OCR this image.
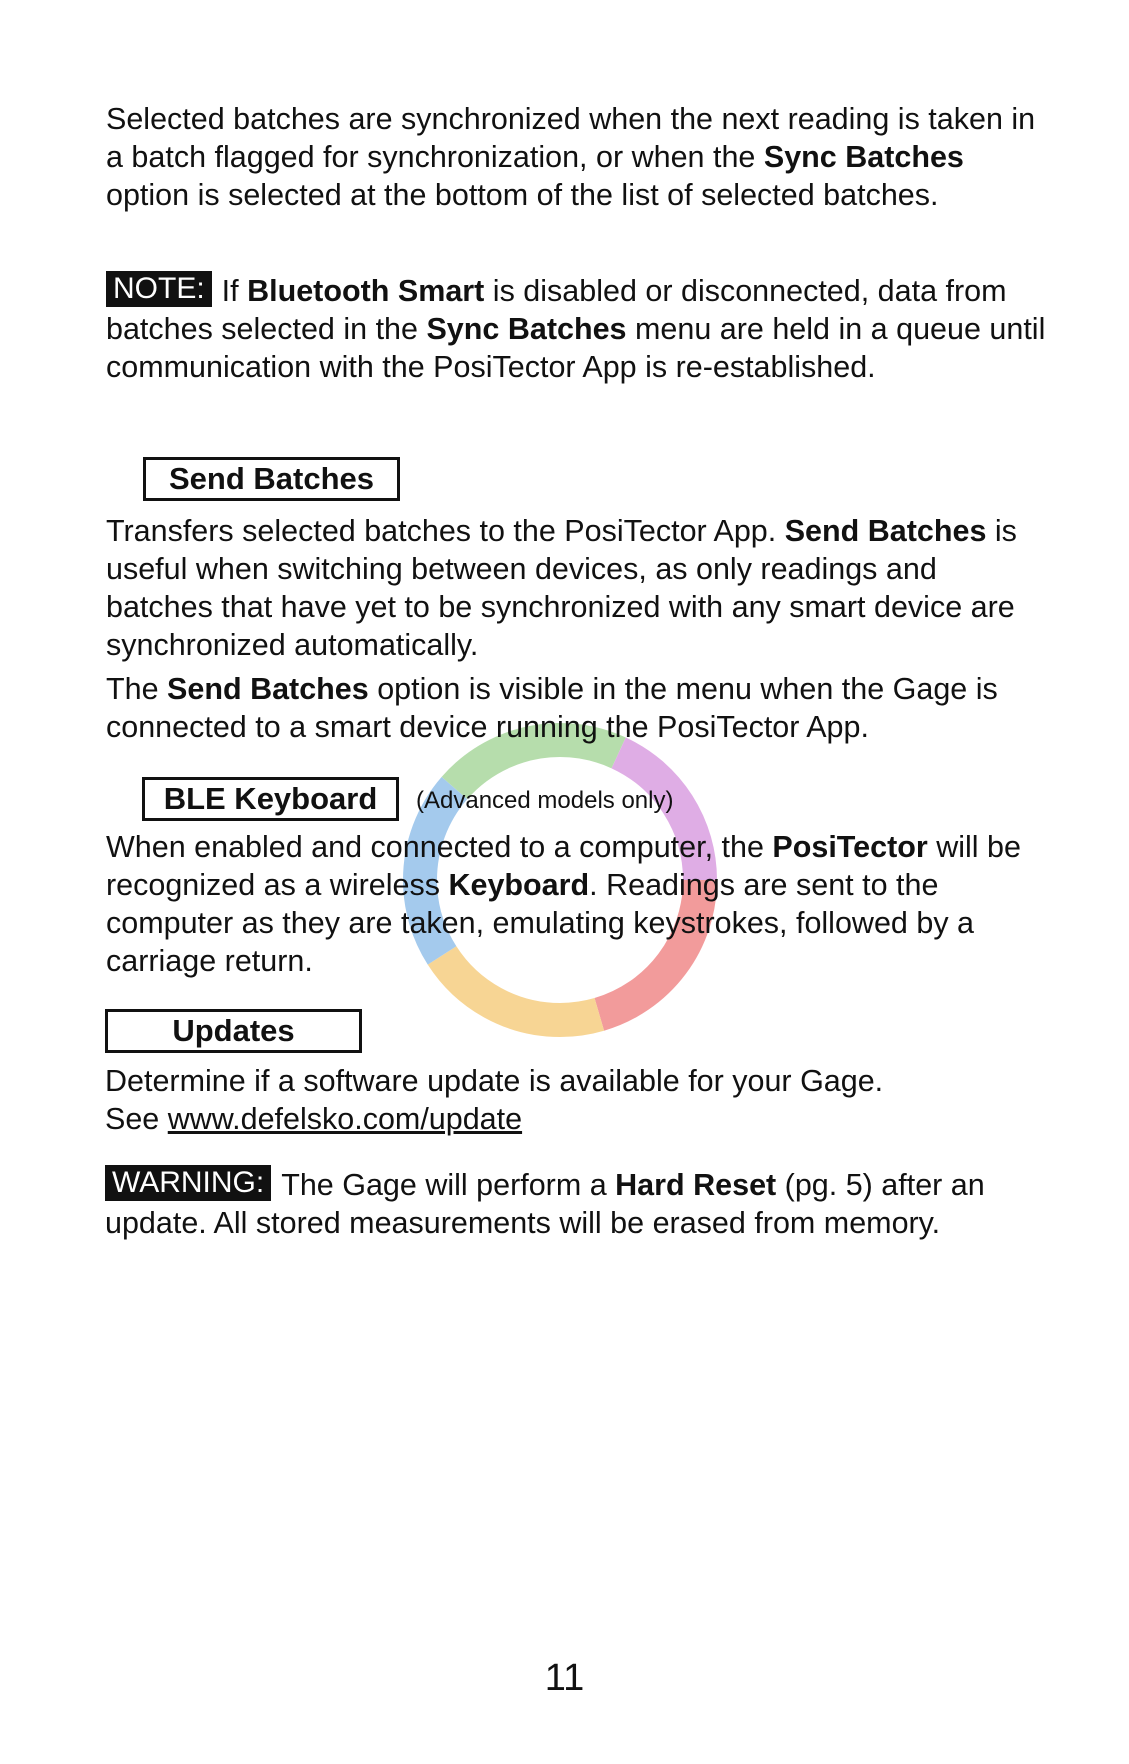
Selected batches are synchronized when the next reading is taken in a batch flagged for synchronization, or when the Sync Batches option is selected at the bottom of the list of selected batches.

NOTE: If Bluetooth Smart is disabled or disconnected, data from batches selected in the Sync Batches menu are held in a queue until communication with the PosiTector App is re-established.

Send Batches

Transfers selected batches to the PosiTector App. Send Batches is useful when switching between devices, as only readings and batches that have yet to be synchronized with any smart device are synchronized automatically.

The Send Batches option is visible in the menu when the Gage is connected to a smart device running the PosiTector App.

BLE Keyboard	(Advanced models only)

When enabled and connected to a computer, the PosiTector will be recognized as a wireless Keyboard. Readings are sent to the computer as they are taken, emulating keystrokes, followed by a carriage return.

Updates

Determine if a software update is available for your Gage.
See www.defelsko.com/update

WARNING: The Gage will perform a Hard Reset (pg. 5) after an update. All stored measurements will be erased from memory.

11
